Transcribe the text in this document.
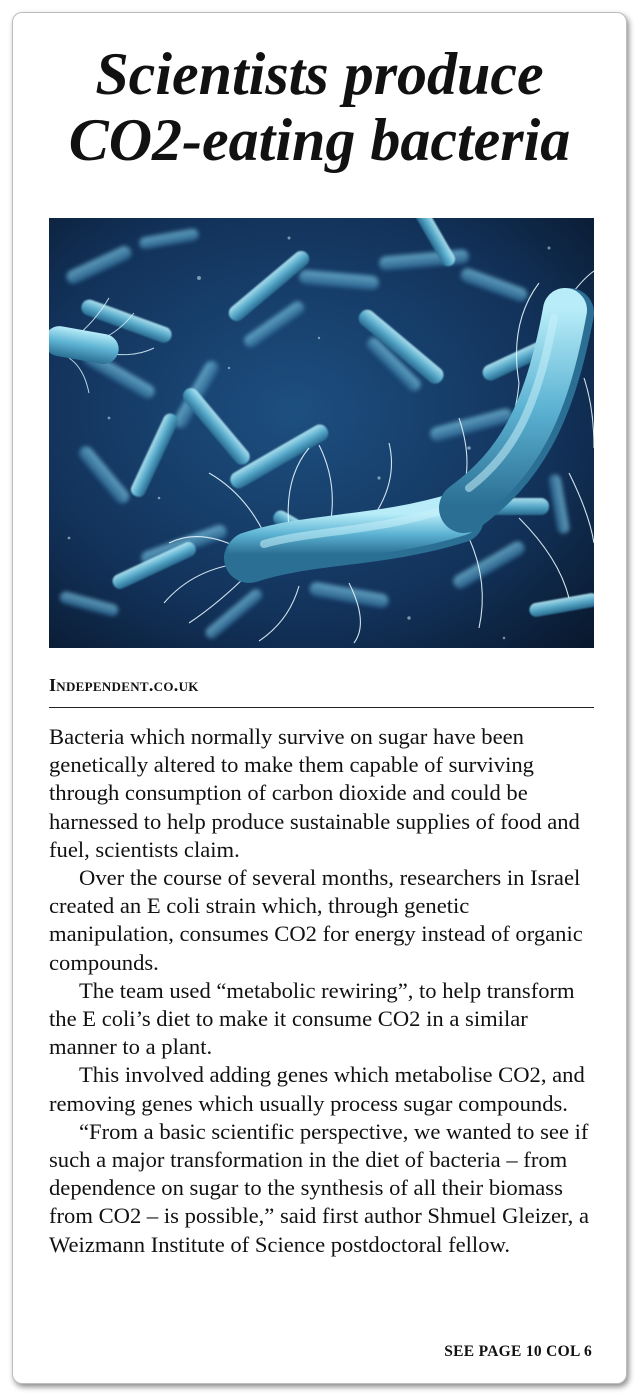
Scientists produce
CO2-eating bacteria
Independent.co.uk

Bacteria which normally survive on sugar have been genetically altered to make them capable of surviving through consumption of carbon dioxide and could be harnessed to help produce sustainable supplies of food and fuel, scientists claim.

Over the course of several months, researchers in Israel created an E coli strain which, through genetic manipulation, consumes CO2 for energy instead of organic compounds.

The team used “metabolic rewiring”, to help transform the E coli’s diet to make it consume CO2 in a similar manner to a plant.

This involved adding genes which metabolise CO2, and removing genes which usually process sugar compounds.

“From a basic scientific perspective, we wanted to see if such a major transformation in the diet of bacteria – from dependence on sugar to the synthesis of all their biomass from CO2 – is possible,” said first author Shmuel Gleizer, a Weizmann Institute of Science postdoctoral fellow.

SEE PAGE 10 COL 6
